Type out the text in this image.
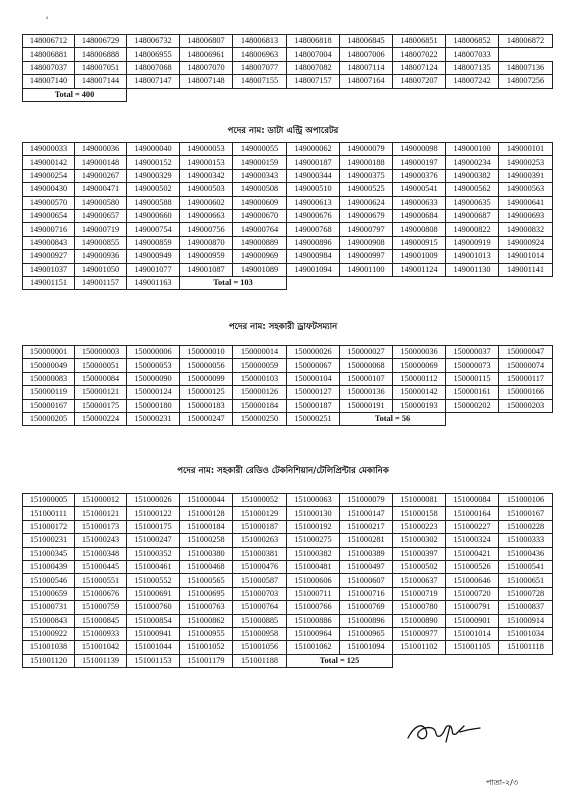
ᵃ
148006712	148006729	148006732	148006807	148006813	148006818	148006845	148006851	148006852	148006872
148006881	148006888	148006955	148006961	148006963	148007004	148007006	148007022	148007033	
148007037	148007051	148007068	148007070	148007077	148007082	148007114	148007124	148007135	148007136
148007140	148007144	148007147	148007148	148007155	148007157	148007164	148007207	148007242	148007256
Total = 400									
পদের নাম: ডাটা এন্ট্রি অপারেটর
149000033	149000036	149000040	149000053	149000055	149000062	149000079	149000098	149000100	149000101
149000142	149000148	149000152	149000153	149000159	149000187	149000188	149000197	149000234	149000253
149000254	149000267	149000329	149000342	149000343	149000344	149000375	149000376	149000382	149000391
149000430	149000471	149000502	149000503	149000508	149000510	149000525	149000541	149000562	149000563
149000570	149000580	149000588	149000602	149000609	149000613	149000624	149000633	149000635	149000641
149000654	149000657	149000660	149000663	149000670	149000676	149000679	149000684	149000687	149000693
149000716	149000719	149000754	149000756	149000764	149000768	149000797	149000808	149000822	149000832
149000843	149000855	149000859	149000870	149000889	149000896	149000908	149000915	149000919	149000924
149000927	149000936	149000949	149000959	149000969	149000984	149000997	149001009	149001013	149001014
149001037	149001050	149001077	149001087	149001089	149001094	149001100	149001124	149001130	149001141
149001151	149001157	149001163	Total = 103						
পদের নাম: সহকারী ড্রাফটসম্যান
150000001	150000003	150000006	150000010	150000014	150000026	150000027	150000036	150000037	150000047
150000049	150000051	150000053	150000056	150000059	150000067	150000068	150000069	150000073	150000074
150000083	150000084	150000090	150000099	150000103	150000104	150000107	150000112	150000115	150000117
150000119	150000121	150000124	150000125	150000126	150000127	150000136	150000142	150000161	150000166
150000167	150000175	150000180	150000183	150000184	150000187	150000191	150000193	150000202	150000203
150000205	150000224	150000231	150000247	150000250	150000251	Total = 56			
পদের নাম: সহকারী রেডিও টেকনিশিয়ান/টেলিপ্রিন্টার মেকানিক
151000005	151000012	151000026	151000044	151000052	151000063	151000079	151000081	151000084	151000106
151000111	151000121	151000122	151000128	151000129	151000130	151000147	151000158	151000164	151000167
151000172	151000173	151000175	151000184	151000187	151000192	151000217	151000223	151000227	151000228
151000231	151000243	151000247	151000258	151000263	151000275	151000281	151000302	151000324	151000333
151000345	151000348	151000352	151000380	151000381	151000382	151000389	151000397	151000421	151000436
151000439	151000445	151000461	151000468	151000476	151000481	151000497	151000502	151000526	151000541
151000546	151000551	151000552	151000565	151000587	151000606	151000607	151000637	151000646	151000651
151000659	151000676	151000691	151000695	151000703	151000711	151000716	151000719	151000720	151000728
151000731	151000759	151000760	151000763	151000764	151000766	151000769	151000780	151000791	151000837
151000843	151000845	151000854	151000862	151000885	151000886	151000896	151000890	151000901	151000914
151000922	151000933	151000941	151000955	151000958	151000964	151000965	151000977	151001014	151001034
151001038	151001042	151001044	151001052	151001056	151001062	151001094	151001102	151001105	151001118
151001120	151001139	151001153	151001179	151001188	Total = 125				
পাতা-২/৩
